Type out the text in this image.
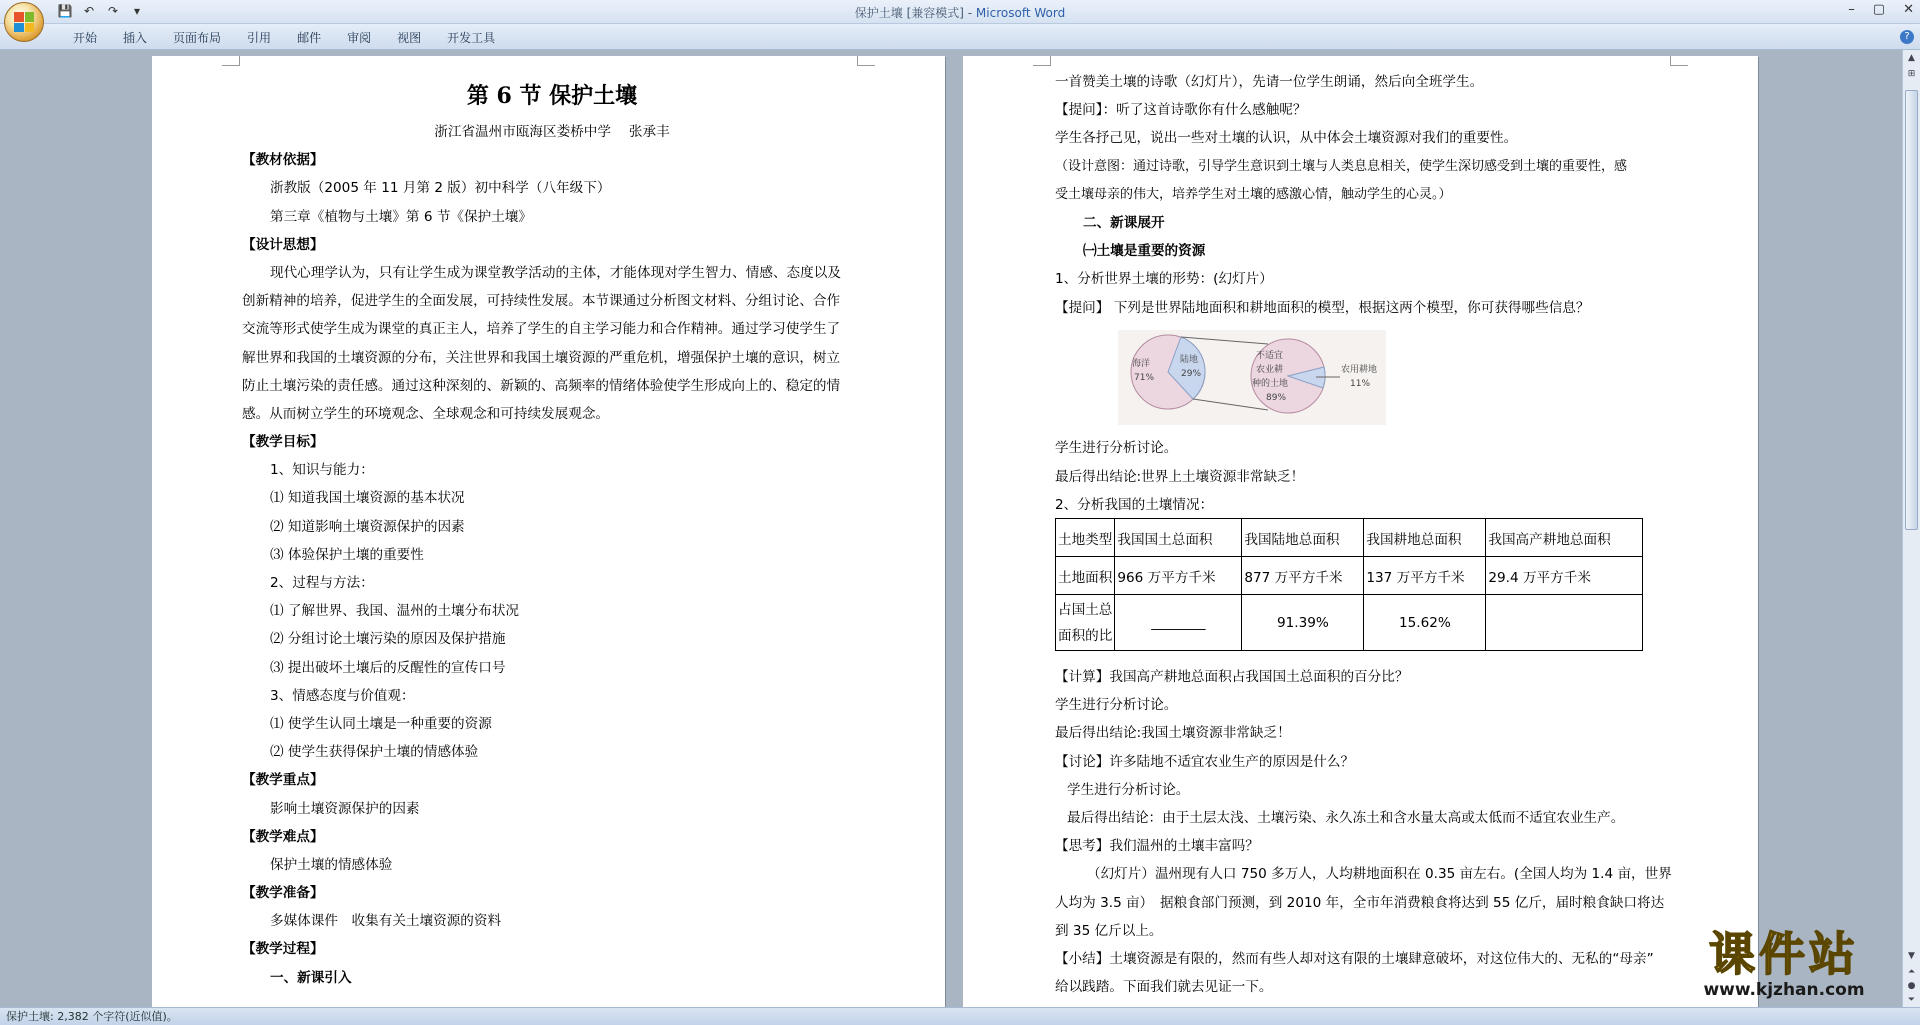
💾 ↶	↷	▾	保护土壤 [兼容模式] - Microsoft Word	– ▢ ✕
开始	插入	页面布局	引用	邮件	审阅	视图	开发工具	?
第 6 节 保护土壤
浙江省温州市瓯海区娄桥中学　 张承丰
【教材依据】
浙教版（2005 年 11 月第 2 版）初中科学（八年级下）
第三章《植物与土壤》第 6 节《保护土壤》
【设计思想】
现代心理学认为，只有让学生成为课堂教学活动的主体，才能体现对学生智力、情感、态度以及
创新精神的培养，促进学生的全面发展，可持续性发展。本节课通过分析图文材料、分组讨论、合作
交流等形式使学生成为课堂的真正主人，培养了学生的自主学习能力和合作精神。通过学习使学生了
解世界和我国的土壤资源的分布，关注世界和我国土壤资源的严重危机，增强保护土壤的意识，树立
防止土壤污染的责任感。通过这种深刻的、新颖的、高频率的情绪体验使学生形成向上的、稳定的情
感。从而树立学生的环境观念、全球观念和可持续发展观念。
【教学目标】
1、知识与能力：
⑴ 知道我国土壤资源的基本状况
⑵ 知道影响土壤资源保护的因素
⑶ 体验保护土壤的重要性
2、过程与方法：
⑴ 了解世界、我国、温州的土壤分布状况
⑵ 分组讨论土壤污染的原因及保护措施
⑶ 提出破坏土壤后的反醒性的宣传口号
3、情感态度与价值观：
⑴ 使学生认同土壤是一种重要的资源
⑵ 使学生获得保护土壤的情感体验
【教学重点】
影响土壤资源保护的因素
【教学难点】
保护土壤的情感体验
【教学准备】
多媒体课件　收集有关土壤资源的资料
【教学过程】
一、新课引入
一首赞美土壤的诗歌（幻灯片），先请一位学生朗诵，然后向全班学生。
【提问】：听了这首诗歌你有什么感触呢？
学生各抒己见，说出一些对土壤的认识，从中体会土壤资源对我们的重要性。
（设计意图：通过诗歌，引导学生意识到土壤与人类息息相关，使学生深切感受到土壤的重要性，感
受土壤母亲的伟大，培养学生对土壤的感激心情，触动学生的心灵。）
二、新课展开
㈠土壤是重要的资源
1、分析世界土壤的形势：(幻灯片）
【提问】 下列是世界陆地面积和耕地面积的模型，根据这两个模型，你可获得哪些信息？
学生进行分析讨论。
最后得出结论:世界上土壤资源非常缺乏！
2、分析我国的土壤情况：
海洋
71%
陆地
29%
不适宜
农业耕
种的土地
89%
农用耕地
11%
土地类型	我国国土总面积	我国陆地总面积	我国耕地总面积	我国高产耕地总面积
土地面积	966 万平方千米	877 万平方千米	137 万平方千米	29.4 万平方千米

占国土总
面积的比	________	91.39%	15.62%	
【计算】我国高产耕地总面积占我国国土总面积的百分比？
学生进行分析讨论。
最后得出结论:我国土壤资源非常缺乏！
【讨论】许多陆地不适宜农业生产的原因是什么？
学生进行分析讨论。
最后得出结论：由于土层太浅、土壤污染、永久冻土和含水量太高或太低而不适宜农业生产。
【思考】我们温州的土壤丰富吗？
（幻灯片）温州现有人口 750 多万人，人均耕地面积在 0.35 亩左右。(全国人均为 1.4 亩，世界
人均为 3.5 亩）　据粮食部门预测，到 2010 年，全市年消费粮食将达到 55 亿斤，届时粮食缺口将达
到 35 亿斤以上。
【小结】土壤资源是有限的，然而有些人却对这有限的土壤肆意破坏，对这位伟大的、无私的“母亲”
给以践踏。下面我们就去见证一下。
▲
⊞
▼
⏶
●
⏷
课件站
www.kjzhan.com
保护土壤: 2,382 个字符(近似值)。
